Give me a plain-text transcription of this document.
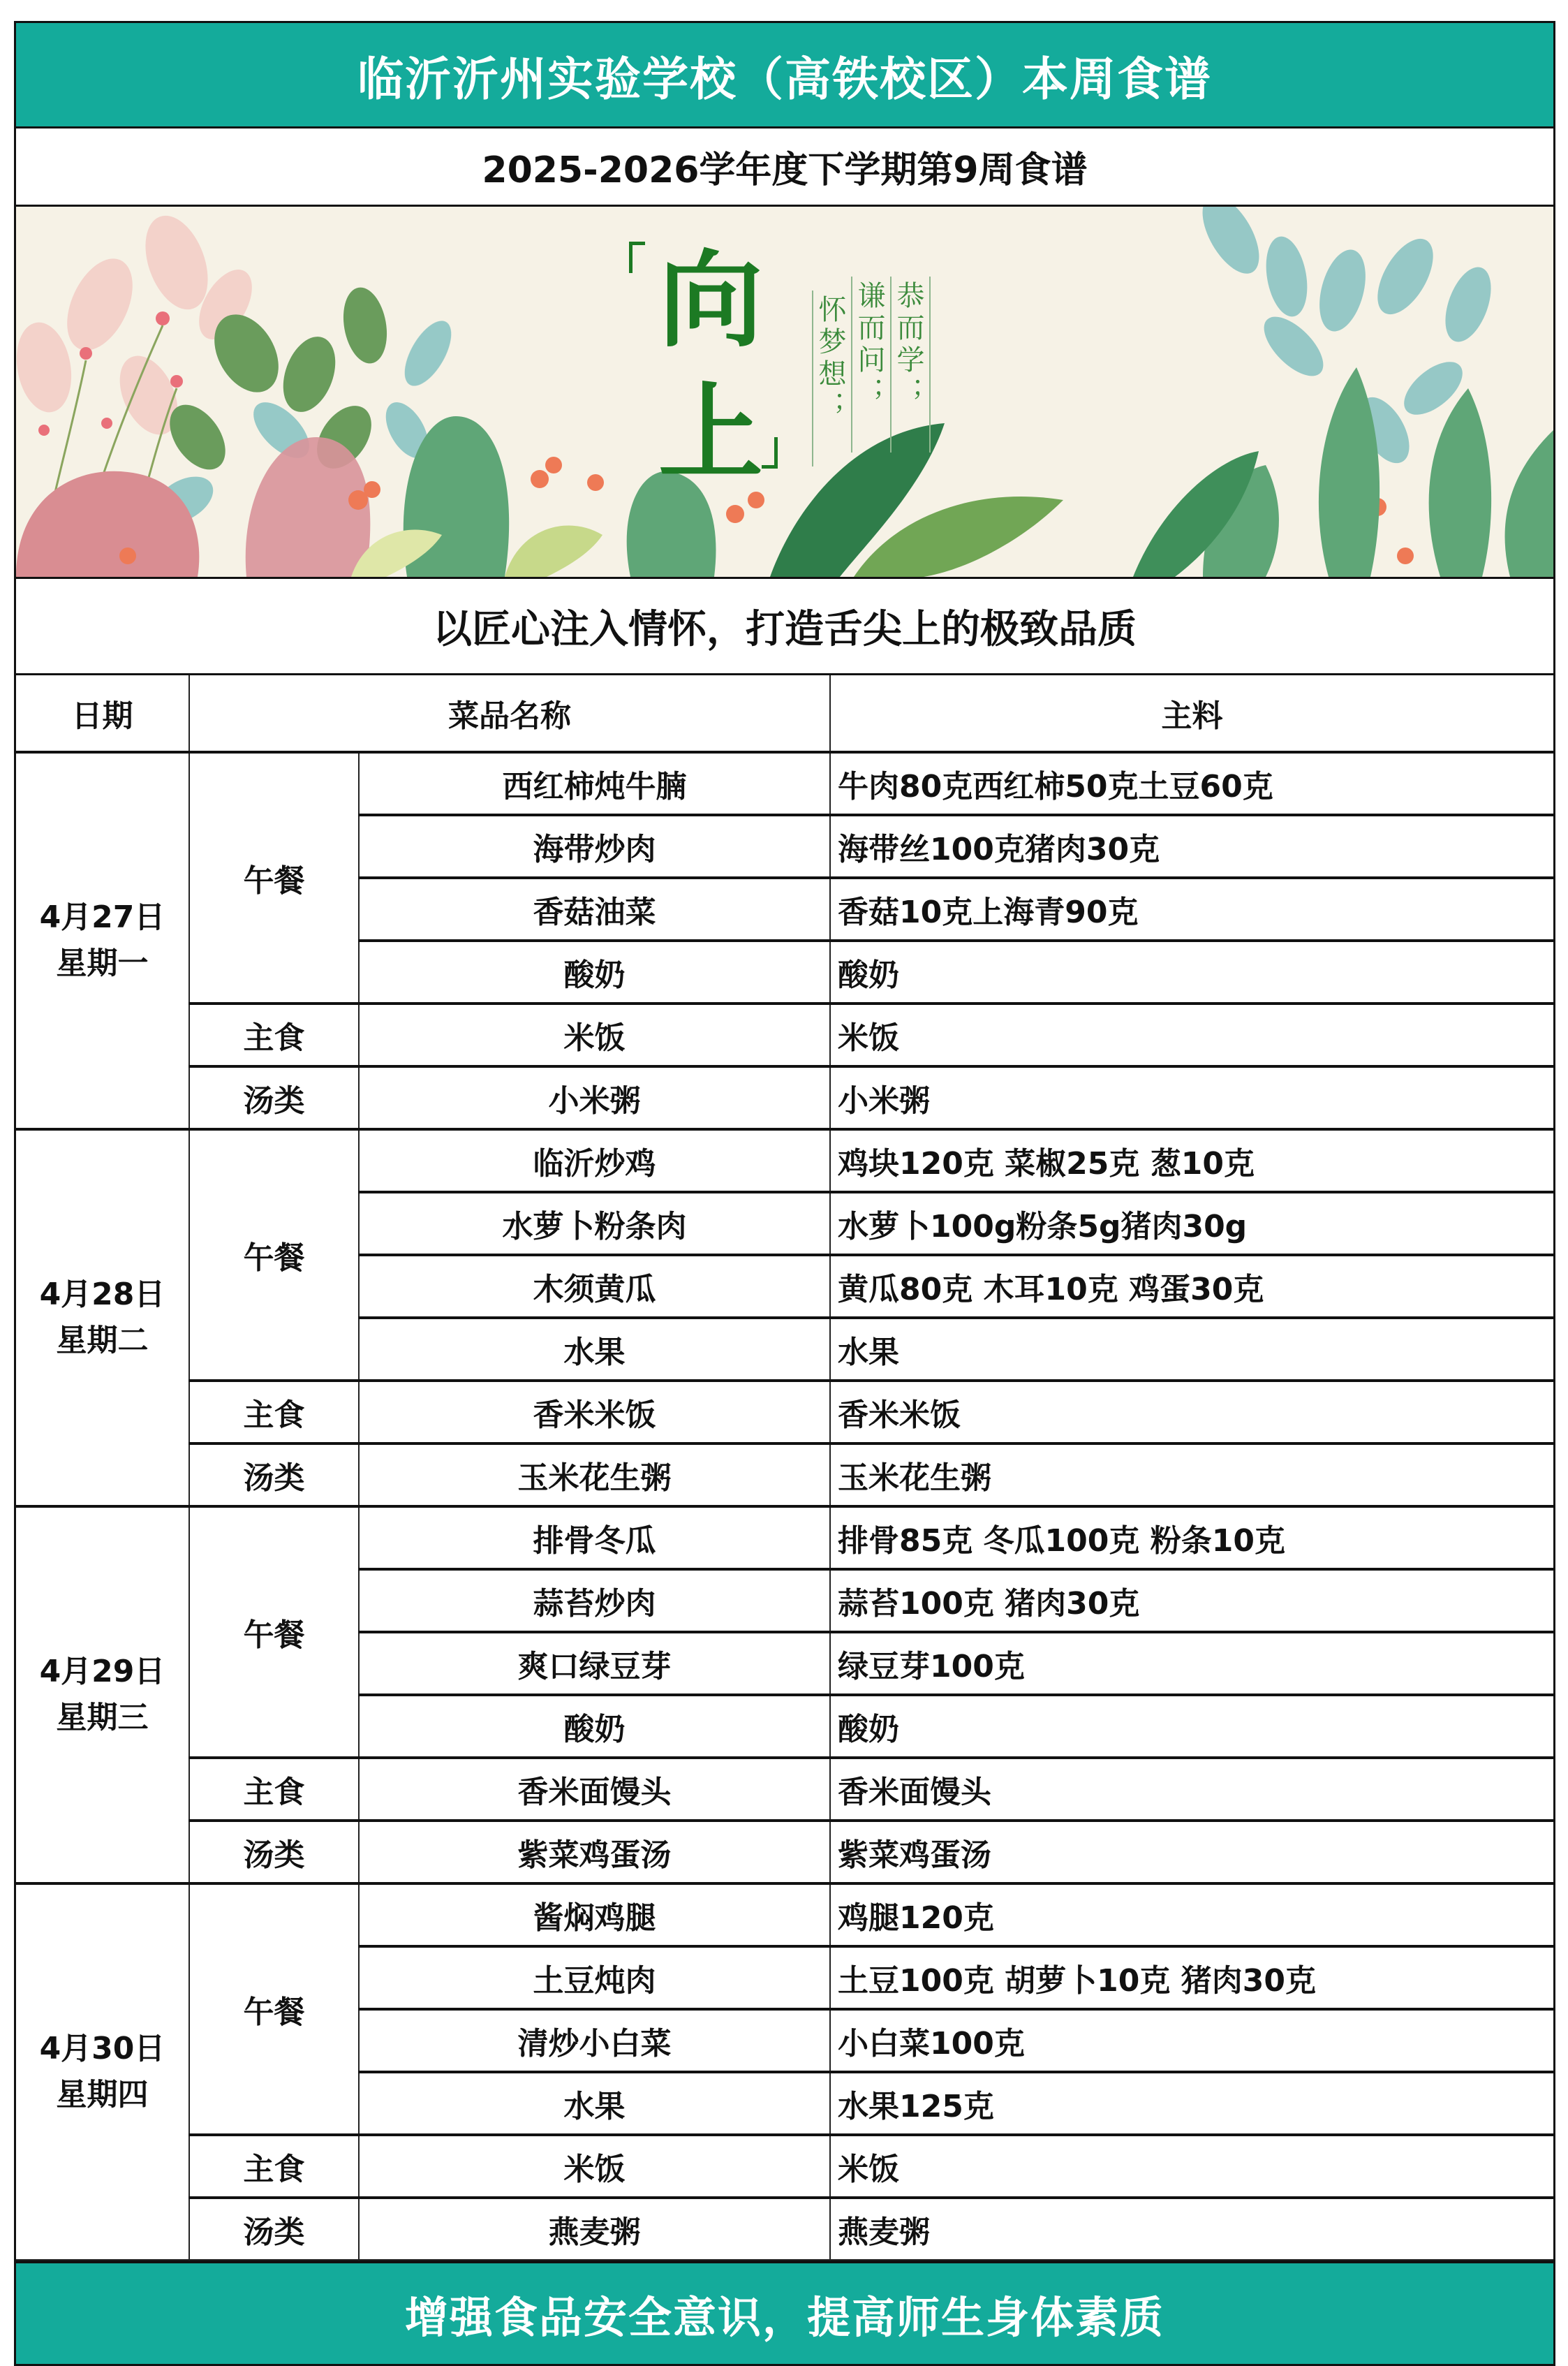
临沂沂州实验学校（高铁校区）本周食谱
2025-2026学年度下学期第9周食谱
向
上
怀梦想； 谦而问； 恭而学；
以匠心注入情怀，打造舌尖上的极致品质
日期	菜品名称		主料

4月27日
星期一	午餐	西红柿炖牛腩	牛肉80克西红柿50克土豆60克
		海带炒肉	海带丝100克猪肉30克
		香菇油菜	香菇10克上海青90克
		酸奶	酸奶
	主食	米饭	米饭
	汤类	小米粥	小米粥

4月28日
星期二	午餐	临沂炒鸡	鸡块120克 菜椒25克 葱10克
		水萝卜粉条肉	水萝卜100g粉条5g猪肉30g
		木须黄瓜	黄瓜80克 木耳10克 鸡蛋30克
		水果	水果
	主食	香米米饭	香米米饭
	汤类	玉米花生粥	玉米花生粥

4月29日
星期三	午餐	排骨冬瓜	排骨85克 冬瓜100克 粉条10克
		蒜苔炒肉	蒜苔100克 猪肉30克
		爽口绿豆芽	绿豆芽100克
		酸奶	酸奶
	主食	香米面馒头	香米面馒头
	汤类	紫菜鸡蛋汤	紫菜鸡蛋汤

4月30日
星期四	午餐	酱焖鸡腿	鸡腿120克
		土豆炖肉	土豆100克 胡萝卜10克 猪肉30克
		清炒小白菜	小白菜100克
		水果	水果125克
	主食	米饭	米饭
	汤类	燕麦粥	燕麦粥
增强食品安全意识，提高师生身体素质
